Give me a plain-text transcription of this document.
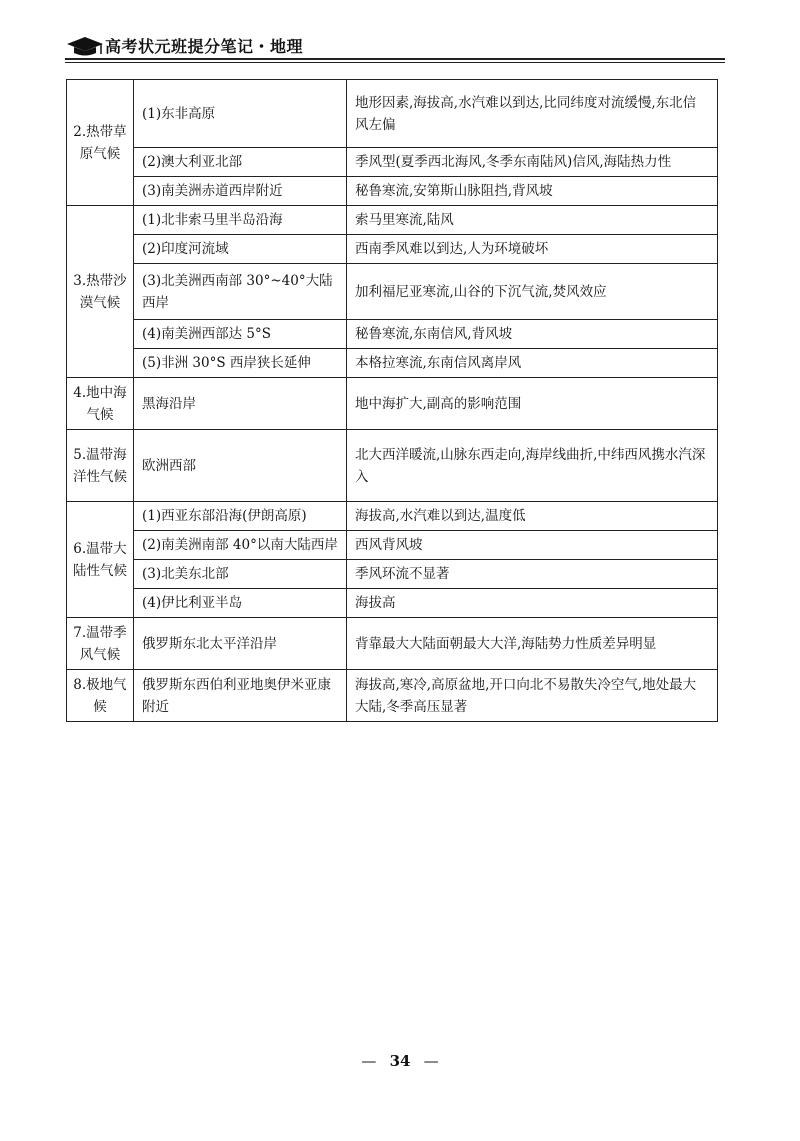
高考状元班提分笔记・地理
2.热带草原气候	(1)东非高原	地形因素,海拔高,水汽难以到达,比同纬度对流缓慢,东北信风左偏
	(2)澳大利亚北部	季风型(夏季西北海风,冬季东南陆风)信风,海陆热力性
	(3)南美洲赤道西岸附近	秘鲁寒流,安第斯山脉阻挡,背风坡
3.热带沙漠气候	(1)北非索马里半岛沿海	索马里寒流,陆风
	(2)印度河流域	西南季风难以到达,人为环境破坏
	(3)北美洲西南部 30°~40°大陆西岸	加利福尼亚寒流,山谷的下沉气流,焚风效应
	(4)南美洲西部达 5°S	秘鲁寒流,东南信风,背风坡
	(5)非洲 30°S 西岸狭长延伸	本格拉寒流,东南信风离岸风
4.地中海气候	黑海沿岸	地中海扩大,副高的影响范围
5.温带海洋性气候	欧洲西部	北大西洋暖流,山脉东西走向,海岸线曲折,中纬西风携水汽深入
6.温带大陆性气候	(1)西亚东部沿海(伊朗高原)	海拔高,水汽难以到达,温度低
	(2)南美洲南部 40°以南大陆西岸	西风背风坡
	(3)北美东北部	季风环流不显著
	(4)伊比利亚半岛	海拔高
7.温带季风气候	俄罗斯东北太平洋沿岸	背靠最大大陆面朝最大大洋,海陆势力性质差异明显
8.极地气候	俄罗斯东西伯利亚地奥伊米亚康附近	海拔高,寒冷,高原盆地,开口向北不易散失冷空气,地处最大大陆,冬季高压显著
— 34 —
